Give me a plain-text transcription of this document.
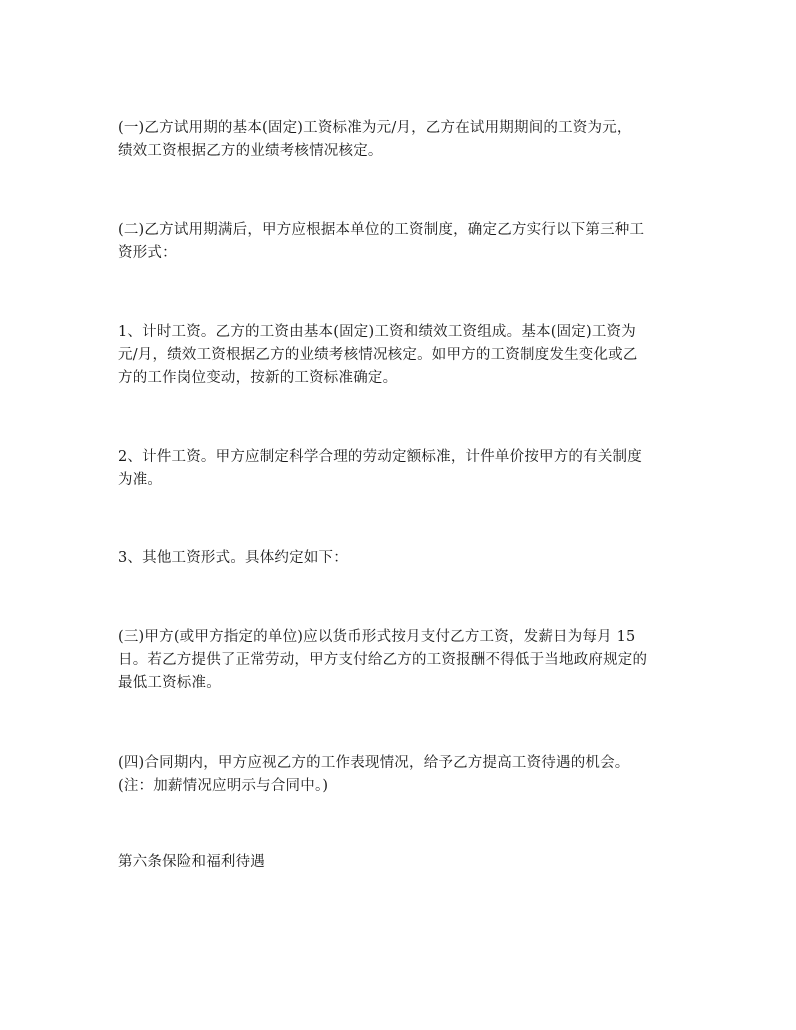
(一)乙方试用期的基本(固定)工资标准为元/月，乙方在试用期期间的工资为元，
绩效工资根据乙方的业绩考核情况核定。
(二)乙方试用期满后，甲方应根据本单位的工资制度，确定乙方实行以下第三种工
资形式：
1、计时工资。乙方的工资由基本(固定)工资和绩效工资组成。基本(固定)工资为
元/月，绩效工资根据乙方的业绩考核情况核定。如甲方的工资制度发生变化或乙
方的工作岗位变动，按新的工资标准确定。
2、计件工资。甲方应制定科学合理的劳动定额标准，计件单价按甲方的有关制度
为准。
3、其他工资形式。具体约定如下：
(三)甲方(或甲方指定的单位)应以货币形式按月支付乙方工资，发薪日为每月 15
日。若乙方提供了正常劳动，甲方支付给乙方的工资报酬不得低于当地政府规定的
最低工资标准。
(四)合同期内，甲方应视乙方的工作表现情况，给予乙方提高工资待遇的机会。
(注：加薪情况应明示与合同中。)
第六条保险和福利待遇
